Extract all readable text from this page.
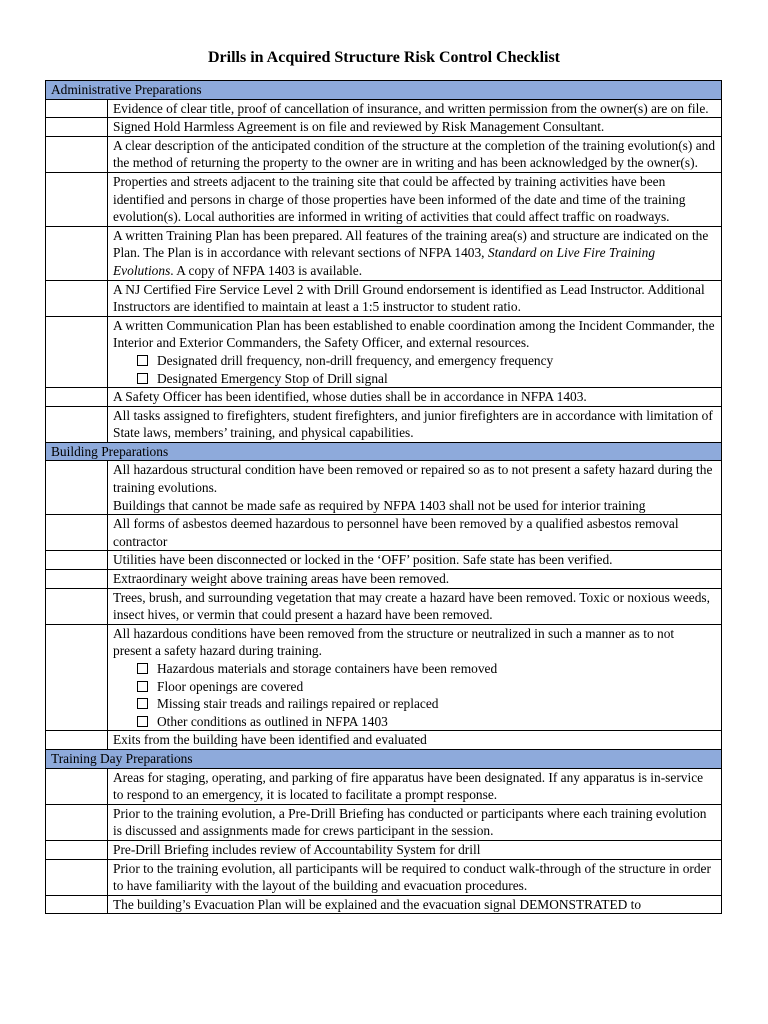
Drills in Acquired Structure Risk Control Checklist
Administrative Preparations	

	Evidence of clear title, proof of cancellation of insurance, and written permission from the owner(s) are on file.

	Signed Hold Harmless Agreement is on file and reviewed by Risk Management Consultant.

	A clear description of the anticipated condition of the structure at the completion of the training evolution(s) and the method of returning the property to the owner are in writing and has been acknowledged by the owner(s).

	Properties and streets adjacent to the training site that could be affected by training activities have been identified and persons in charge of those properties have been informed of the date and time of the training evolution(s). Local authorities are informed in writing of activities that could affect traffic on roadways.

	A written Training Plan has been prepared. All features of the training area(s) and structure are indicated on the Plan. The Plan is in accordance with relevant sections of NFPA 1403, Standard on Live Fire Training Evolutions. A copy of NFPA 1403 is available.

	A NJ Certified Fire Service Level 2 with Drill Ground endorsement is identified as Lead Instructor. Additional Instructors are identified to maintain at least a 1:5 instructor to student ratio.

	A written Communication Plan has been established to enable coordination among the Incident Commander, the Interior and Exterior Commanders, the Safety Officer, and external resources.
Designated drill frequency, non-drill frequency, and emergency frequency
Designated Emergency Stop of Drill signal

	A Safety Officer has been identified, whose duties shall be in accordance in NFPA 1403.

	All tasks assigned to firefighters, student firefighters, and junior firefighters are in accordance with limitation of State laws, members’ training, and physical capabilities.

Building Preparations	

	All hazardous structural condition have been removed or repaired so as to not present a safety hazard during the training evolutions.
Buildings that cannot be made safe as required by NFPA 1403 shall not be used for interior training

	All forms of asbestos deemed hazardous to personnel have been removed by a qualified asbestos removal contractor

	Utilities have been disconnected or locked in the ‘OFF’ position. Safe state has been verified.

	Extraordinary weight above training areas have been removed.

	Trees, brush, and surrounding vegetation that may create a hazard have been removed. Toxic or noxious weeds, insect hives, or vermin that could present a hazard have been removed.

	All hazardous conditions have been removed from the structure or neutralized in such a manner as to not present a safety hazard during training.
Hazardous materials and storage containers have been removed
Floor openings are covered
Missing stair treads and railings repaired or replaced
Other conditions as outlined in NFPA 1403

	Exits from the building have been identified and evaluated

Training Day Preparations	

	Areas for staging, operating, and parking of fire apparatus have been designated. If any apparatus is in-service to respond to an emergency, it is located to facilitate a prompt response.

	Prior to the training evolution, a Pre-Drill Briefing has conducted or participants where each training evolution is discussed and assignments made for crews participant in the session.

	Pre-Drill Briefing includes review of Accountability System for drill

	Prior to the training evolution, all participants will be required to conduct walk-through of the structure in order to have familiarity with the layout of the building and evacuation procedures.

	The building’s Evacuation Plan will be explained and the evacuation signal DEMONSTRATED to
